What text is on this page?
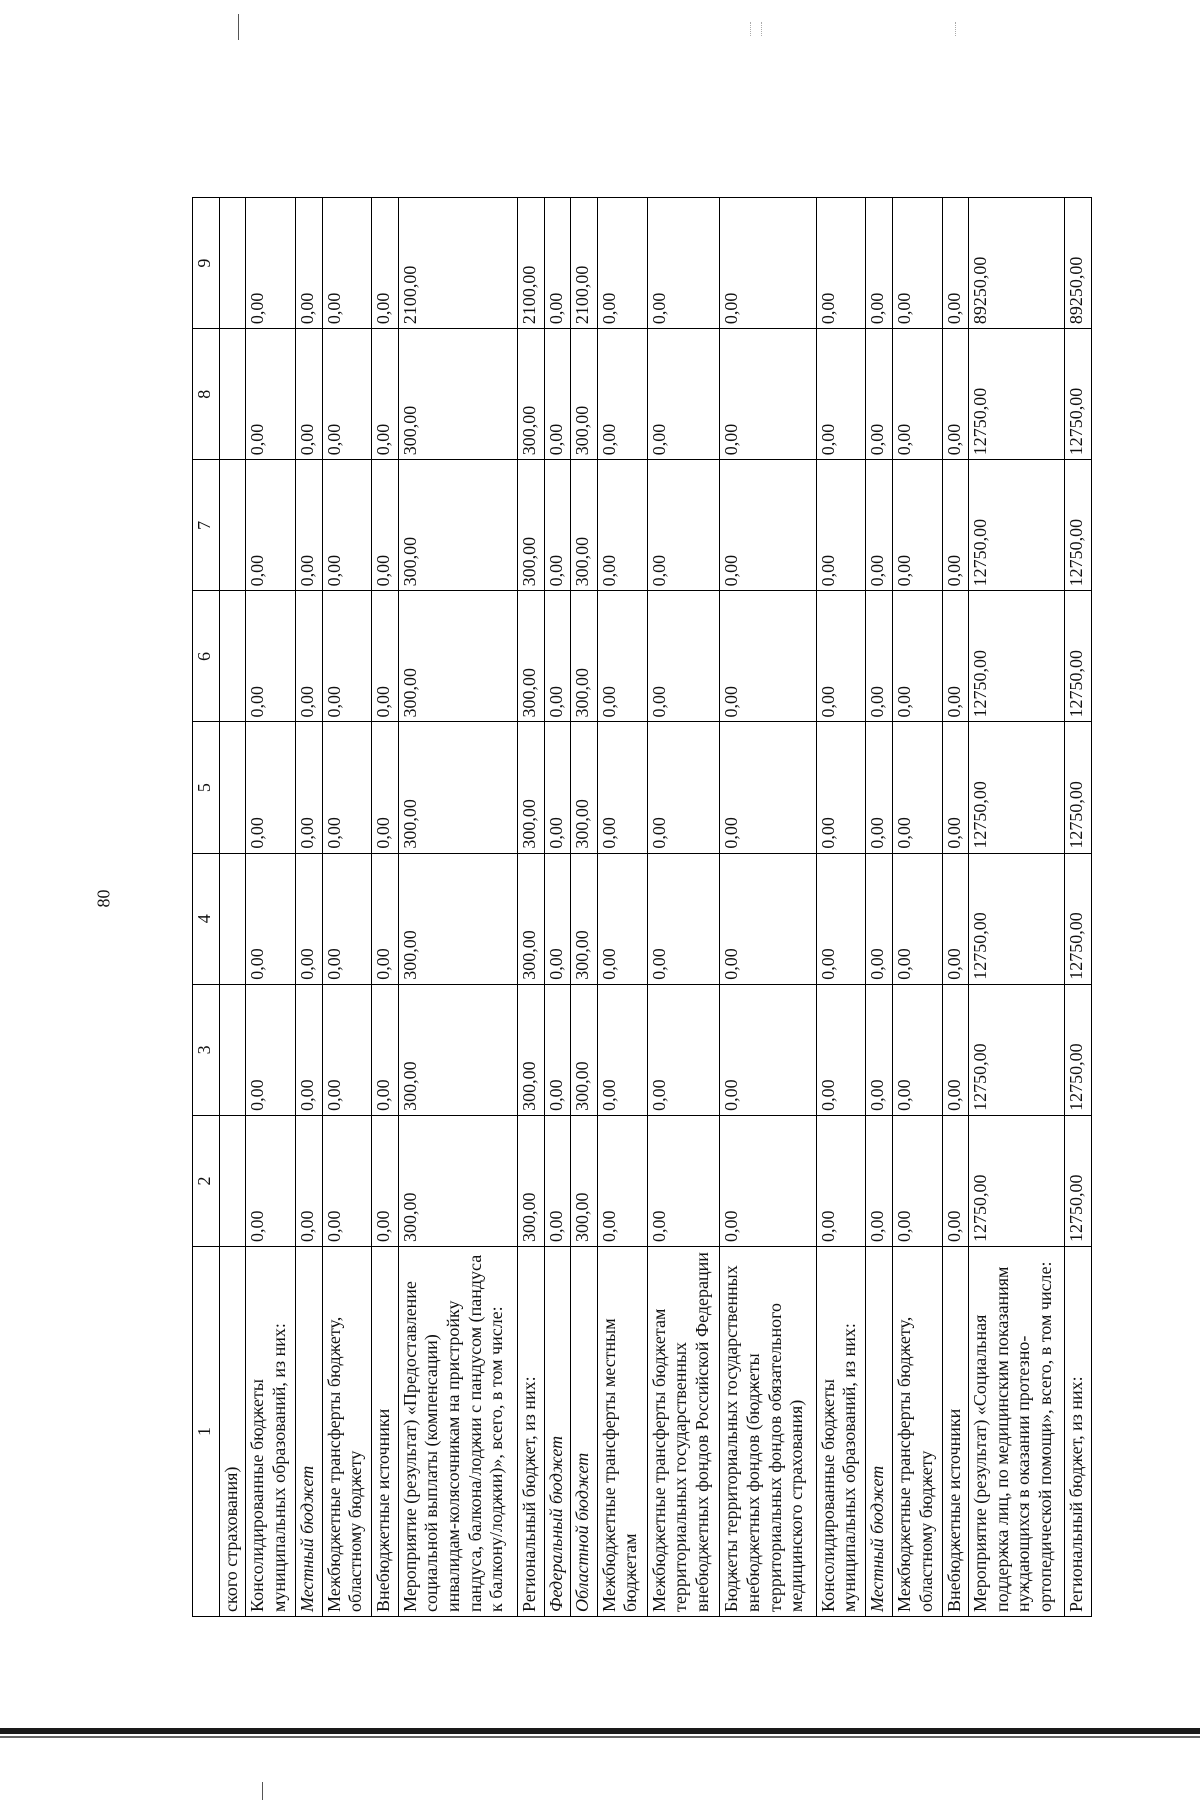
80
1	2	3	4	5	6	7	8	9
ского страхования)								
Консолидированные бюджеты муниципальных образований, из них:	0,00	0,00	0,00	0,00	0,00	0,00	0,00	0,00
Местный бюджет	0,00	0,00	0,00	0,00	0,00	0,00	0,00	0,00
Межбюджетные трансферты бюджету, областному бюджету	0,00	0,00	0,00	0,00	0,00	0,00	0,00	0,00
Внебюджетные источники	0,00	0,00	0,00	0,00	0,00	0,00	0,00	0,00
Мероприятие (результат) «Предоставление социальной выплаты (компенсации) инвалидам-колясочникам на пристройку пандуса, балкона/лоджии с пандусом (пандуса к балкону/лоджии)», всего, в том числе:	300,00	300,00	300,00	300,00	300,00	300,00	300,00	2100,00
Региональный бюджет, из них:	300,00	300,00	300,00	300,00	300,00	300,00	300,00	2100,00
Федеральный бюджет	0,00	0,00	0,00	0,00	0,00	0,00	0,00	0,00
Областной бюджет	300,00	300,00	300,00	300,00	300,00	300,00	300,00	2100,00
Межбюджетные трансферты местным бюджетам	0,00	0,00	0,00	0,00	0,00	0,00	0,00	0,00
Межбюджетные трансферты бюджетам территориальных государственных внебюджетных фондов Российской Федерации	0,00	0,00	0,00	0,00	0,00	0,00	0,00	0,00
Бюджеты территориальных государственных внебюджетных фондов (бюджеты территориальных фондов обязательного медицинского страхования)	0,00	0,00	0,00	0,00	0,00	0,00	0,00	0,00
Консолидированные бюджеты муниципальных образований, из них:	0,00	0,00	0,00	0,00	0,00	0,00	0,00	0,00
Местный бюджет	0,00	0,00	0,00	0,00	0,00	0,00	0,00	0,00
Межбюджетные трансферты бюджету, областному бюджету	0,00	0,00	0,00	0,00	0,00	0,00	0,00	0,00
Внебюджетные источники	0,00	0,00	0,00	0,00	0,00	0,00	0,00	0,00
Мероприятие (результат) «Социальная поддержка лиц, по медицинским показаниям нуждающихся в оказании протезно-ортопедической помощи», всего, в том числе:	12750,00	12750,00	12750,00	12750,00	12750,00	12750,00	12750,00	89250,00
Региональный бюджет, из них:	12750,00	12750,00	12750,00	12750,00	12750,00	12750,00	12750,00	89250,00
